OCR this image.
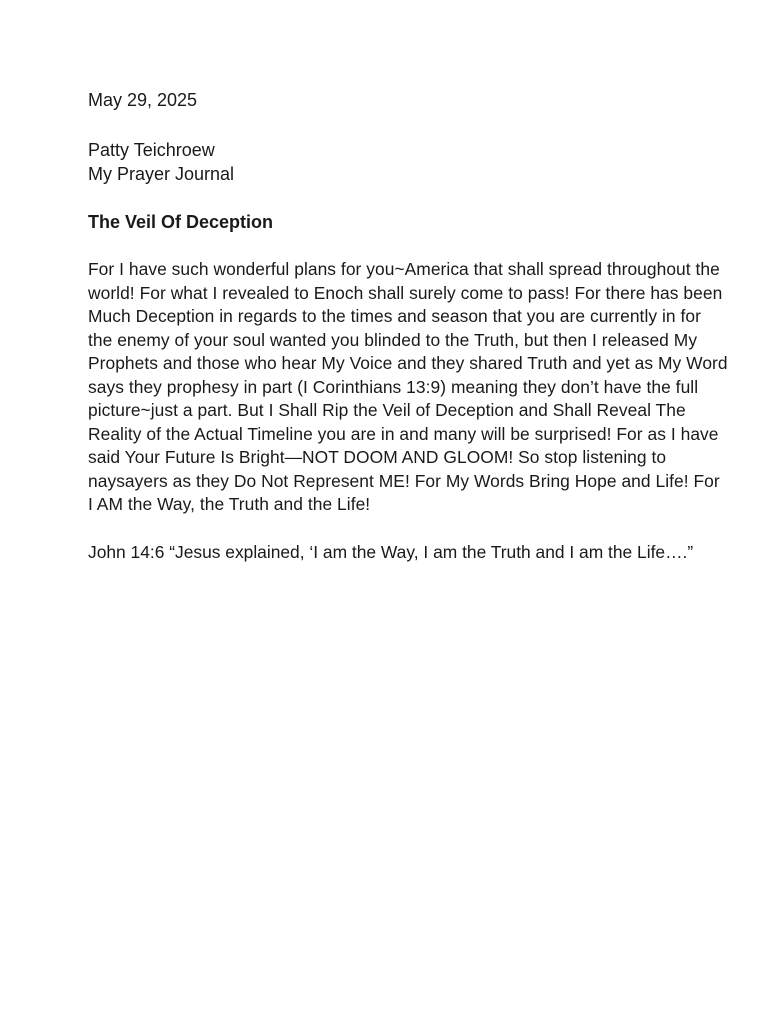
May 29, 2025

Patty Teichroew
My Prayer Journal
The Veil Of Deception
For I have such wonderful plans for you~America that shall spread throughout the world! For what I revealed to Enoch shall surely come to pass! For there has been Much Deception in regards to the times and season that you are currently in for the enemy of your soul wanted you blinded to the Truth, but then I released My Prophets and those who hear My Voice and they shared Truth and yet as My Word says they prophesy in part (I Corinthians 13:9) meaning they don’t have the full picture~just a part. But I Shall Rip the Veil of Deception and Shall Reveal The Reality of the Actual Timeline you are in and many will be surprised! For as I have said Your Future Is Bright—NOT DOOM AND GLOOM! So stop listening to naysayers as they Do Not Represent ME! For My Words Bring Hope and Life! For I AM the Way, the Truth and the Life!
John 14:6 “Jesus explained, ‘I am the Way, I am the Truth and I am the Life….”
